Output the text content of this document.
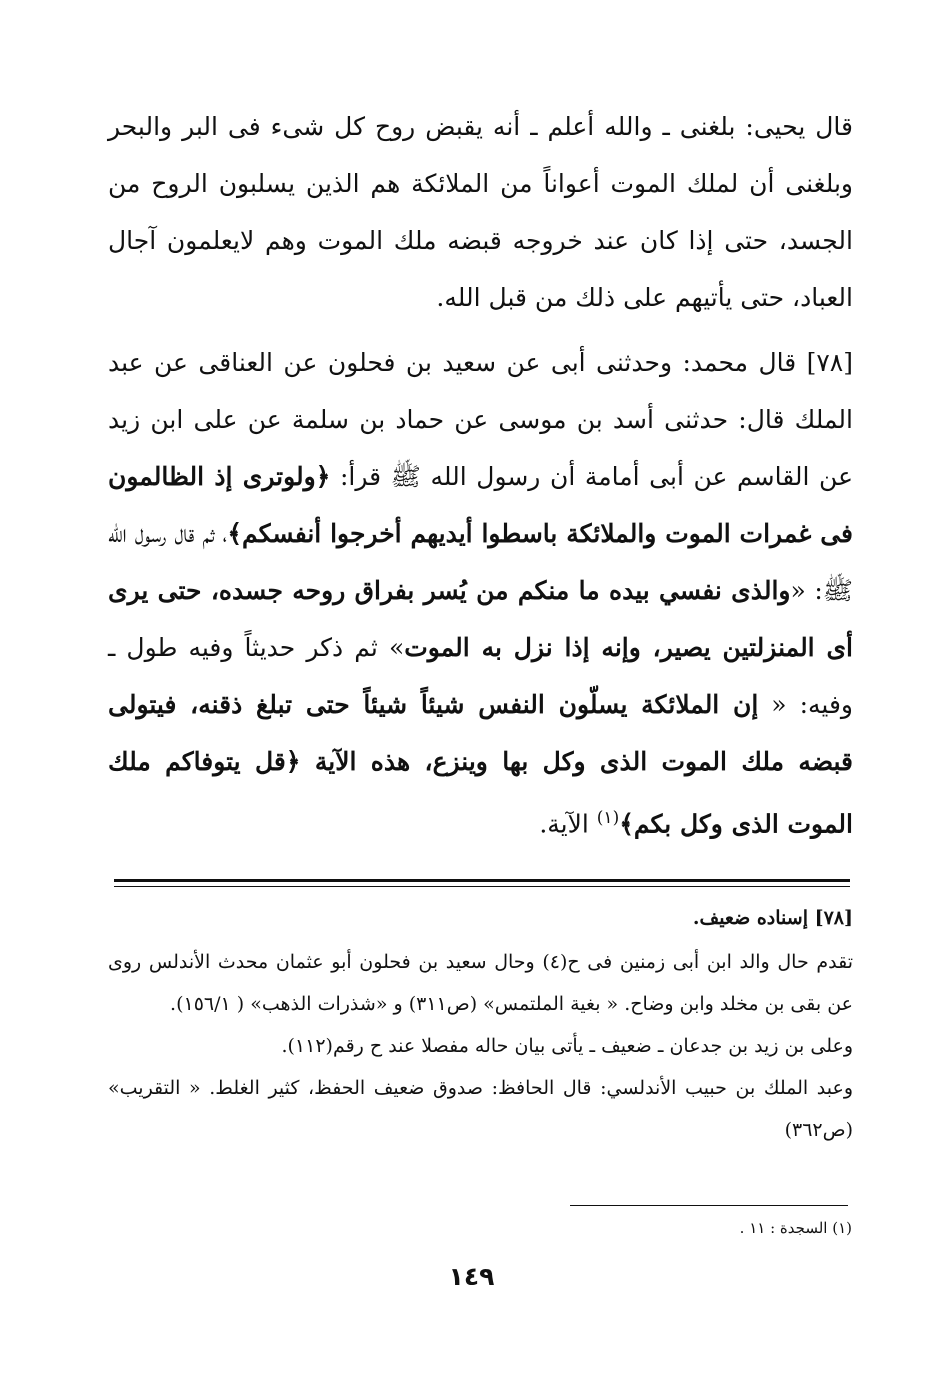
قال يحيى: بلغنى ـ والله أعلم ـ أنه يقبض روح كل شىء فى البر والبحر وبلغنى أن لملك الموت أعواناً من الملائكة هم الذين يسلبون الروح من الجسد، حتى إذا كان عند خروجه قبضه ملك الموت وهم لايعلمون آجال العباد، حتى يأتيهم على ذلك من قبل الله.

[٧٨] قال محمد: وحدثنى أبى عن سعيد بن فحلون عن العناقى عن عبد الملك قال: حدثنى أسد بن موسى عن حماد بن سلمة عن على ابن زيد عن القاسم عن أبى أمامة أن رسول الله ﷺ قرأ: ﴿ولوترى إذ الظالمون فى غمرات الموت والملائكة باسطوا أيديهم أخرجوا أنفسكم﴾، ثم قال رسول الله ﷺ: «والذى نفسي بيده ما منكم من يُسر بفراق روحه جسده، حتى يرى أى المنزلتين يصير، وإنه إذا نزل به الموت» ثم ذكر حديثاً وفيه طول ـ وفيه: « إن الملائكة يسلّون النفس شيئاً شيئاً حتى تبلغ ذقنه، فيتولى قبضه ملك الموت الذى وكل بها وينزع، هذه الآية ﴿قل يتوفاكم ملك الموت الذى وكل بكم﴾$^{(١)}$ الآية.

[٧٨] إسناده ضعيف.

تقدم حال والد ابن أبى زمنين فى ح(٤) وحال سعيد بن فحلون أبو عثمان محدث الأندلس روى عن بقى بن مخلد وابن وضاح. « بغية الملتمس» (ص٣١١) و «شذرات الذهب» ( ١٥٦/١).

وعلى بن زيد بن جدعان ـ ضعيف ـ يأتى بيان حاله مفصلا عند ح رقم(١١٢).

وعبد الملك بن حبيب الأندلسي: قال الحافظ: صدوق ضعيف الحفظ، كثير الغلط. « التقريب» (ص٣٦٢)

(١) السجدة : ١١ .
١٤٩
